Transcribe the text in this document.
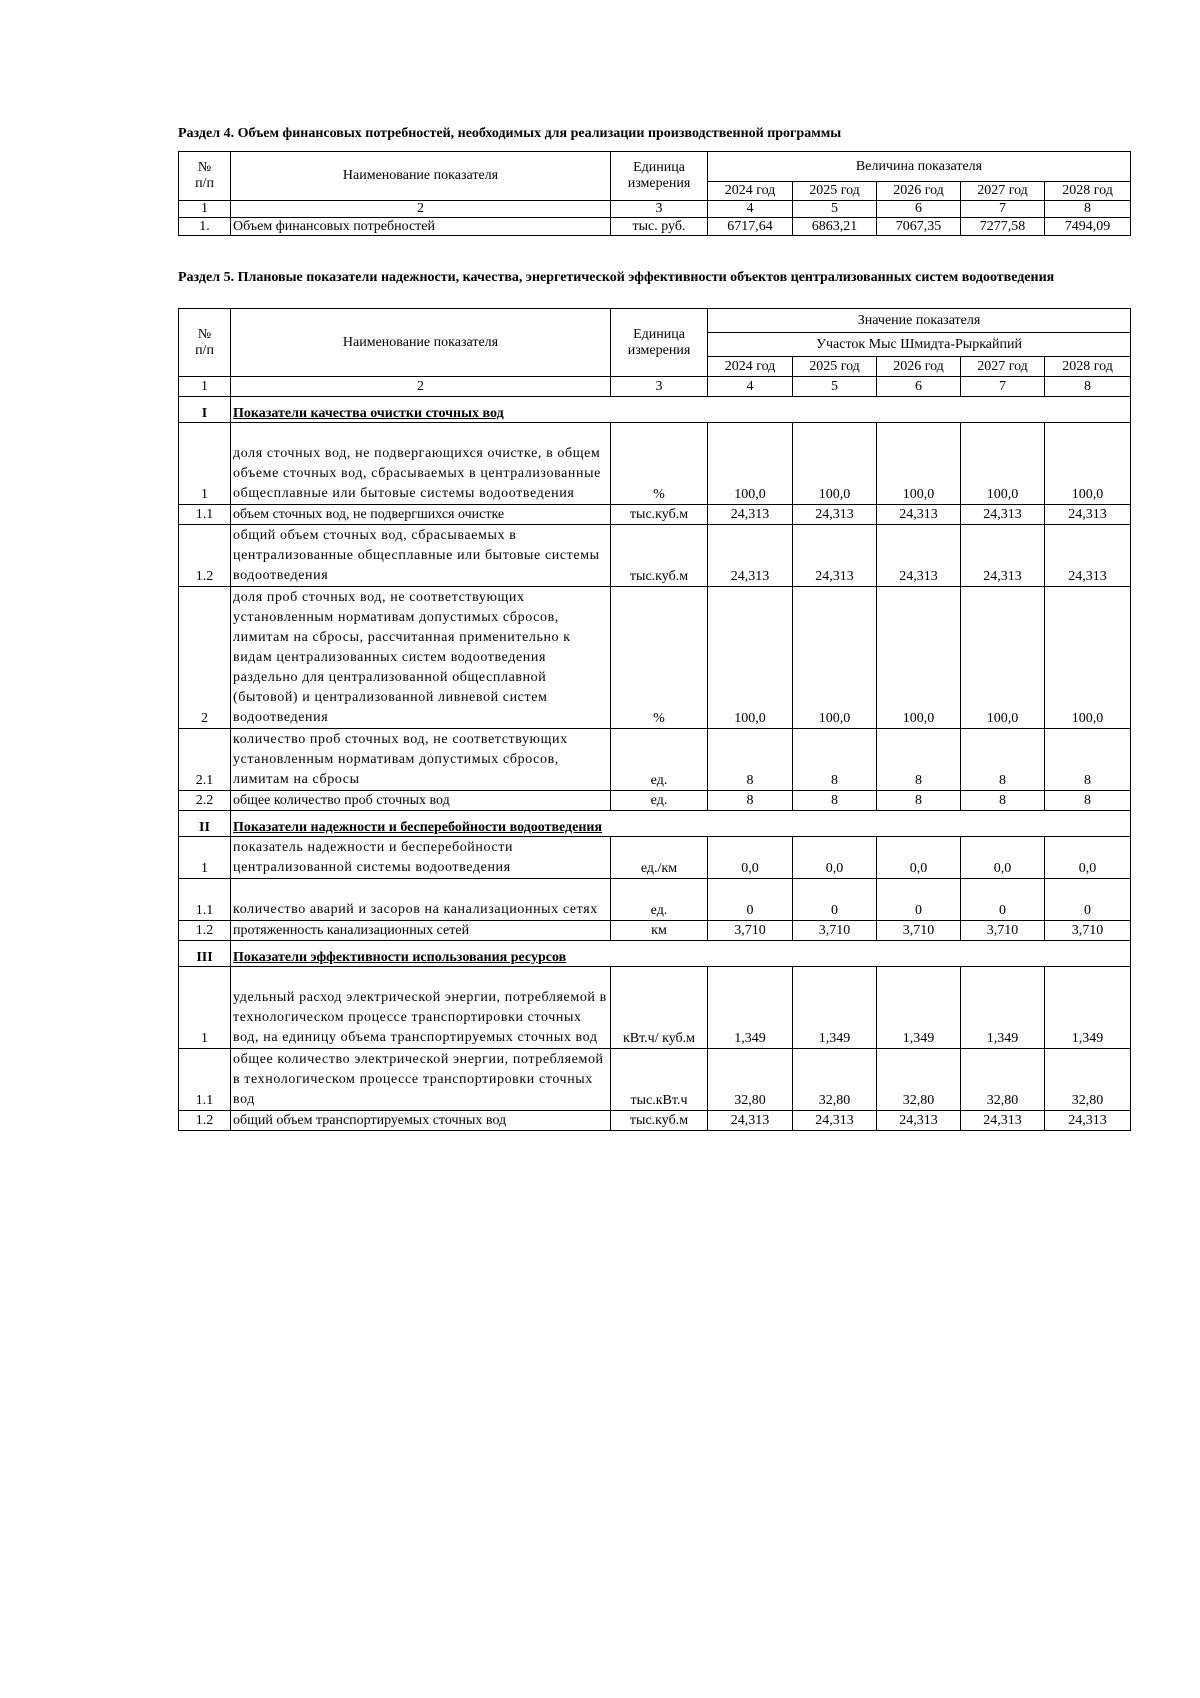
Раздел 4. Объем финансовых потребностей, необходимых для реализации производственной программы
№
п/п	Наименование показателя	Единица измерения	Величина показателя				
			2024 год	2025 год	2026 год	2027 год	2028 год
1	2	3	4	5	6	7	8
1.	Объем финансовых потребностей	тыс. руб.	6717,64	6863,21	7067,35	7277,58	7494,09
Раздел 5. Плановые показатели надежности, качества, энергетической эффективности объектов централизованных систем водоотведения
№
п/п	Наименование показателя	Единица измерения	Значение показателя				
			Участок Мыс Шмидта-Рыркайпий				
			2024 год	2025 год	2026 год	2027 год	2028 год
1	2	3	4	5	6	7	8
I	Показатели качества очистки сточных вод						
1	доля сточных вод, не подвергающихся очистке, в общем объеме сточных вод, сбрасываемых в централизованные общесплавные или бытовые системы водоотведения	%	100,0	100,0	100,0	100,0	100,0
1.1	объем сточных вод, не подвергшихся очистке	тыс.куб.м	24,313	24,313	24,313	24,313	24,313
1.2	общий объем сточных вод, сбрасываемых в централизованные общесплавные или бытовые системы водоотведения	тыс.куб.м	24,313	24,313	24,313	24,313	24,313
2	доля проб сточных вод, не соответствующих установленным нормативам допустимых сбросов, лимитам на сбросы, рассчитанная применительно к видам централизованных систем водоотведения раздельно для централизованной общесплавной (бытовой) и централизованной ливневой систем водоотведения	%	100,0	100,0	100,0	100,0	100,0
2.1	количество проб сточных вод, не соответствующих установленным нормативам допустимых сбросов, лимитам на сбросы	ед.	8	8	8	8	8
2.2	общее количество проб сточных вод	ед.	8	8	8	8	8
II	Показатели надежности и бесперебойности водоотведения						
1	показатель надежности и бесперебойности централизованной системы водоотведения	ед./км	0,0	0,0	0,0	0,0	0,0
1.1	количество аварий и засоров на канализационных сетях	ед.	0	0	0	0	0
1.2	протяженность канализационных сетей	км	3,710	3,710	3,710	3,710	3,710
III	Показатели эффективности использования ресурсов						
1	удельный расход электрической энергии, потребляемой в технологическом процессе транспортировки сточных вод, на единицу объема транспортируемых сточных вод	кВт.ч/ куб.м	1,349	1,349	1,349	1,349	1,349
1.1	общее количество электрической энергии, потребляемой в технологическом процессе транспортировки сточных вод	тыс.кВт.ч	32,80	32,80	32,80	32,80	32,80
1.2	общий объем транспортируемых сточных вод	тыс.куб.м	24,313	24,313	24,313	24,313	24,313
